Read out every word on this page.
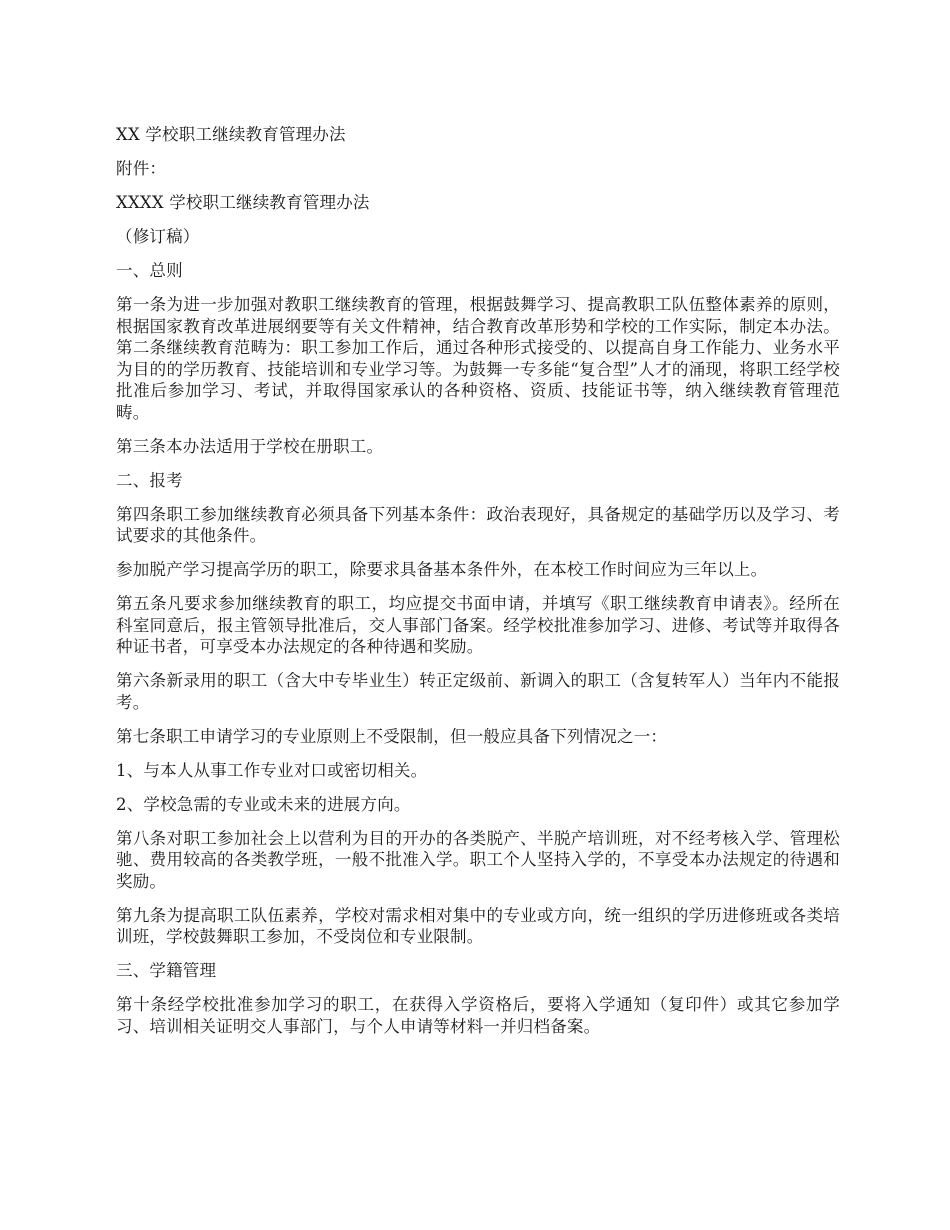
XX 学校职工继续教育管理办法

附件：

XXXX 学校职工继续教育管理办法

（修订稿）

一、总则

第一条为进一步加强对教职工继续教育的管理，根据鼓舞学习、提高教职工队伍整体素养的原则，根据国家教育改革进展纲要等有关文件精神，结合教育改革形势和学校的工作实际，制定本办法。第二条继续教育范畴为：职工参加工作后，通过各种形式接受的、以提高自身工作能力、业务水平为目的的学历教育、技能培训和专业学习等。为鼓舞一专多能“复合型”人才的涌现，将职工经学校批准后参加学习、考试，并取得国家承认的各种资格、资质、技能证书等，纳入继续教育管理范畴。

第三条本办法适用于学校在册职工。

二、报考

第四条职工参加继续教育必须具备下列基本条件：政治表现好，具备规定的基础学历以及学习、考试要求的其他条件。

参加脱产学习提高学历的职工，除要求具备基本条件外，在本校工作时间应为三年以上。

第五条凡要求参加继续教育的职工，均应提交书面申请，并填写《职工继续教育申请表》。经所在科室同意后，报主管领导批准后，交人事部门备案。经学校批准参加学习、进修、考试等并取得各种证书者，可享受本办法规定的各种待遇和奖励。

第六条新录用的职工（含大中专毕业生）转正定级前、新调入的职工（含复转军人）当年内不能报考。

第七条职工申请学习的专业原则上不受限制，但一般应具备下列情况之一：

1、与本人从事工作专业对口或密切相关。

2、学校急需的专业或未来的进展方向。

第八条对职工参加社会上以营利为目的开办的各类脱产、半脱产培训班，对不经考核入学、管理松驰、费用较高的各类教学班，一般不批准入学。职工个人坚持入学的，不享受本办法规定的待遇和奖励。

第九条为提高职工队伍素养，学校对需求相对集中的专业或方向，统一组织的学历进修班或各类培训班，学校鼓舞职工参加，不受岗位和专业限制。

三、学籍管理

第十条经学校批准参加学习的职工，在获得入学资格后，要将入学通知（复印件）或其它参加学习、培训相关证明交人事部门，与个人申请等材料一并归档备案。
